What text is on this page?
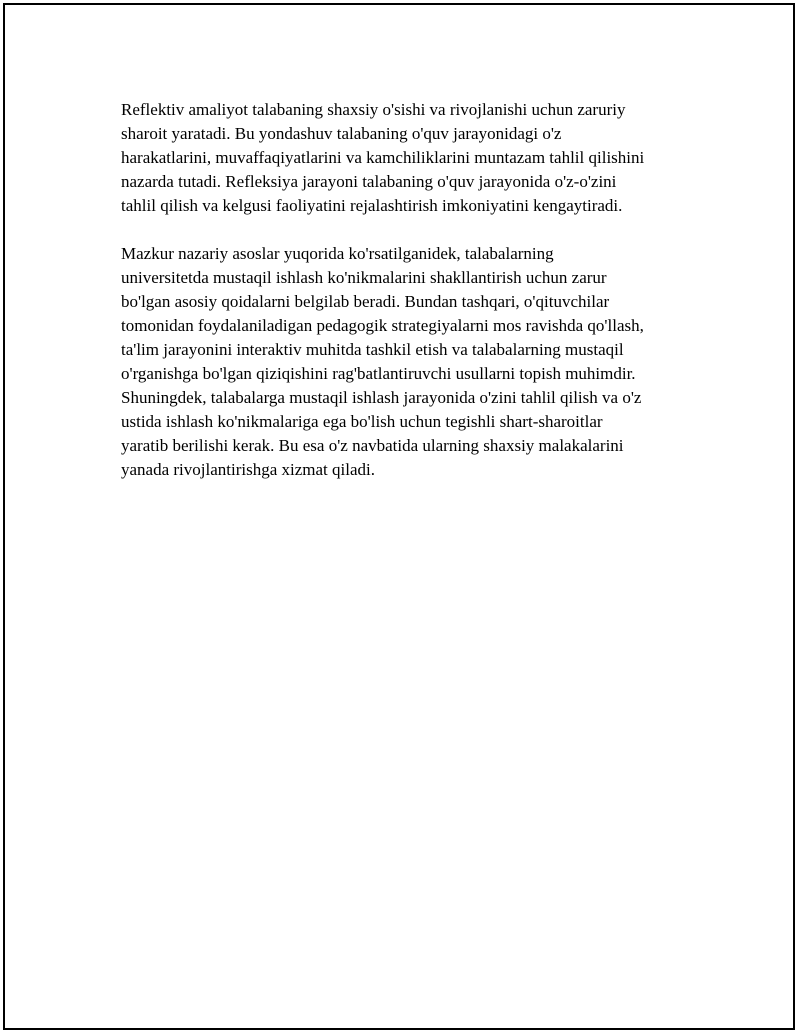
Reflektiv amaliyot talabaning shaxsiy o'sishi va rivojlanishi uchun zaruriy
sharoit yaratadi. Bu yondashuv talabaning o'quv jarayonidagi o'z
harakatlarini, muvaffaqiyatlarini va kamchiliklarini muntazam tahlil qilishini
nazarda tutadi. Refleksiya jarayoni talabaning o'quv jarayonida o'z-o'zini
tahlil qilish va kelgusi faoliyatini rejalashtirish imkoniyatini kengaytiradi.

Mazkur nazariy asoslar yuqorida ko'rsatilganidek, talabalarning
universitetda mustaqil ishlash ko'nikmalarini shakllantirish uchun zarur
bo'lgan asosiy qoidalarni belgilab beradi. Bundan tashqari, o'qituvchilar
tomonidan foydalaniladigan pedagogik strategiyalarni mos ravishda qo'llash,
ta'lim jarayonini interaktiv muhitda tashkil etish va talabalarning mustaqil
o'rganishga bo'lgan qiziqishini rag'batlantiruvchi usullarni topish muhimdir.
Shuningdek, talabalarga mustaqil ishlash jarayonida o'zini tahlil qilish va o'z
ustida ishlash ko'nikmalariga ega bo'lish uchun tegishli shart-sharoitlar
yaratib berilishi kerak. Bu esa o'z navbatida ularning shaxsiy malakalarini
yanada rivojlantirishga xizmat qiladi.
